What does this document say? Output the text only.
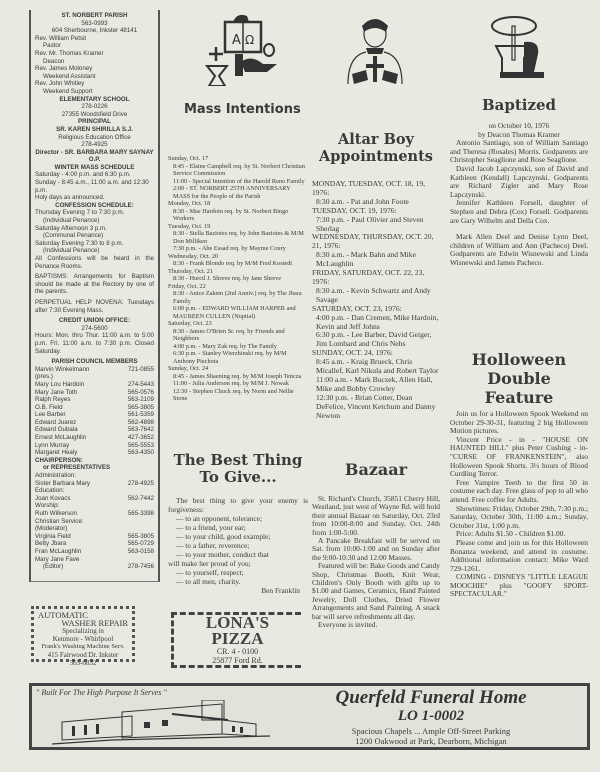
ST. NORBERT PARISH
563-0993
604 Sherbourne, Inkster 48141
Rev. William Petsit
Pastor
Rev. Mr. Thomas Kramer
Deacon
Rev. James Moloney
Weekend Assistant
Rev. John Whitley
Weekend Support
ELEMENTARY SCHOOL
278-0226
27355 Woodsfield Drive
PRINCIPAL
SR. KAREN SHIRILLA S.J.
Religious Education Office
278-4925
Director - SR. BARBARA MARY SAYNAY O.P.
WINTER MASS SCHEDULE
Saturday - 4:00 p.m. and 6:30 p.m.
Sunday - 8:45 a.m., 11:00 a.m. and 12:30 p.m.
Holy days as announced.
CONFESSION SCHEDULE:
Thursday Evening 7 to 7:30 p.m.
(Individual Penance)
Saturday Afternoon 3 p.m.
(Communal Penance)
Saturday Evening 7:30 to 8 p.m.
(Individual Penance)
All Confessions will be heard in the Penance Rooms.
BAPTISMS: Arrangements for Baptism should be made at the Rectory by one of the parents.
PERPETUAL HELP NOVENA: Tuesdays after 7:30 Evening Mass.
CREDIT UNION OFFICE:
274-5600
Hours: Mon. thru Thur. 11:00 a.m. to 5:00 p.m. Fri. 11:00 a.m. to 7:30 p.m. Closed Saturday.
PARISH COUNCIL MEMBERS
Marvin Winkelmann	721-0855
(pres.)
Mary Lou Hardoin	274-5443
Mary Jane Toth	565-0576
Ralph Reyes	563-2109
O.B. Field	565-3805
Lee Barber	561-5359
Edward Juarez	562-4898
Edward Gubala	563-7642
Ernest McLaughlin	427-3652
Lynn Murray	565-5553
Margaret Healy	563-4350
CHAIRPERSON:
or REPRESENTATIVES
Administration:
Sister Barbara Mary	278-4925
Education:
Joan Kovacs	562-7442
Worship:
Ruth Wilkerson	565-3398
Christian Service:
(Moderator)
Virginia Field	565-3805
Betty Jbara	565-0729
Fran McLaughlin	563-0158
Mary Jane Fave
(Editor)	278-7456
A Ω
Mass Intentions
Sunday, Oct. 17
8:45 - Elaine Campbell req. by St. Norbert Christian Service Commission
11:00 - Special Intention of the Harold Reno Family
2:00 - ST. NORBERT 25TH ANNIVERSARY MASS for the People of the Parish
Monday, Oct. 18
8:30 - Mae Hardoin req. by St. Norbert Bingo Workers
Tuesday, Oct. 19
8:30 - Stella Baziotes req. by John Baziotes & M/M Don Milliken
7:30 p.m. - Abe Essad req. by Mayme Coury
Wednesday, Oct. 20
8:30 - Frank Blondo req. by M/M Fred Kostedt
Thursday, Oct. 21
8:30 - Hurcil J. Shreve req. by Jane Shreve
Friday, Oct. 22
8:30 - Anice Zakem (2nd Anniv.) req. by The Jbara Family
6:00 p.m. - EDWARD WILLIAM HARPER and MAUREEN CULLEN (Nuptial)
Saturday, Oct. 23
8:30 - James O'Brien Sr. req. by Friends and Neighbors
4:00 p.m. - Mary Zak req. by The Family
6:30 p.m. - Stanley Wierzhinski req. by M/M Anthony Piechota
Sunday, Oct. 24
8:45 - James Shaening req. by M/M Joseph Tencza
11:00 - Julia Anderson req. by M/M J. Nowak
12:30 - Stephen Chuck req. by Norm and Nellie Stone
The Best Thing
To Give...
The best thing to give your enemy is forgiveness:
— to an opponent, tolerance;
— to a friend, your ear;
— to your child, good example;
— to a father, reverence;
— to your mother, conduct that
will make her proud of you;
— to yourself, respect;
— to all men, charity.
Ben Franklin
Altar Boy
Appointments
MONDAY, TUESDAY, OCT. 18, 19, 1976:
8:30 a.m. - Pat and John Foote
TUESDAY, OCT. 19, 1976:
7:30 p.m. - Paul Olivier and Steven Sherlag
WEDNESDAY, THURSDAY, OCT. 20, 21, 1976:
8:30 a.m. - Mark Bahn and Mike McLaughlin
FRIDAY, SATURDAY, OCT. 22, 23, 1976:
8:30 a.m. - Kevin Schwartz and Andy Savage
SATURDAY, OCT. 23, 1976:
4:00 p.m. - Dan Cremen, Mike Hardoin, Kevin and Jeff Johns
6:30 p.m. - Lee Barber, David Geiger, Jim Lombard and Chris Nehs
SUNDAY, OCT. 24, 1976:
8:45 a.m. - Kraig Brueck, Chris Micallef, Karl Nikula and Robert Taylor
11:00 a.m. - Mark Buczek, Allen Hall, Mike and Bobby Crowley
12:30 p.m. - Brian Cotter, Dean DeFelice, Vincent Ketchum and Danny Newton
Bazaar

St. Richard's Church, 35851 Cherry Hill, Westland, just west of Wayne Rd. will hold their annual Bazaar on Saturday, Oct. 23rd from 10:00-8:00 and Sunday, Oct. 24th from 1:00-5:00.

A Pancake Breakfast will be served on Sat. from 10:00-1:00 and on Sunday after the 9:00-10:30 and 12:00 Masses.

Featured will be: Bake Goods and Candy Shop, Christmas Booth, Knit Wear, Children's Only Booth with gifts up to $1.00 and Games, Ceramics, Hand Painted Jewelry, Doll Clothes, Dried Flower Arrangements and Sand Painting. A snack bar will serve refreshments all day.

Everyone is invited.

Baptized
on October 10, 1976
by Deacon Thomas Kramer

Antonio Santiago, son of William Santiago and Theresa (Rosales) Morris. Godparents are Christopher Seaglione and Rose Seaglione.

David Jacob Lapczynski, son of David and Kathleen (Kendall) Lapczynski. Godparents are Richard Zigler and Mary Rose Lapczynski.

Jennifer Kathleen Forsell, daughter of Stephen and Debra (Cox) Forsell. Godparents are Gary Wilhelm and Della Cox.

Mark Allen Deel and Denise Lynn Deel, children of William and Ann (Pacheco) Deel. Godparents are Edwin Wisnewski and Linda Wisnewski and James Pacheco.

Holloween
Double
Feature

Join us for a Holloween Spook Weekend on October 29-30-31, featuring 2 big Holloween Motion pictures.

Vincent Price - in - "HOUSE ON HAUNTED HILL" plus Peter Cushing - in- "CURSE OF FRANKENSTEIN", also Holloween Spook Shorts. 3½ hours of Blood Curdling Terror.

Free Vampire Teeth to the first 50 in costume each day. Free glass of pop to all who attend. Free coffee for Adults.

Showtimes: Friday, October 29th, 7:30 p.m.; Saturday, October 30th, 11:00 a.m.; Sunday, October 31st, 1:00 p.m.

Price: Adults $1.50 - Children $1.00.

Please come and join us for this Holloween Bonanza weekend, and attend in costume. Additional information contact: Mike Ward 729-1261.

COMING - DISNEYS "LITTLE LEAGUE MOOCHIE" plus "GOOFY SPORT-SPECTACULAR."

AUTOMATIC
WASHER REPAIR
Specializing in
Kenmore - Whirlpool
Frank's Washing Machine Serv.
415 Fairwood Dr. Inkster
565-6832
LONA'S
PIZZA
CR. 4 - 0100
25877 Ford Rd.
" Built For The High Purpose It Serves "	Querfeld Funeral Home
LO 1-0002
Spacious Chapels ... Ample Off-Street Parking
1200 Oakwood at Park, Dearborn, Michigan
